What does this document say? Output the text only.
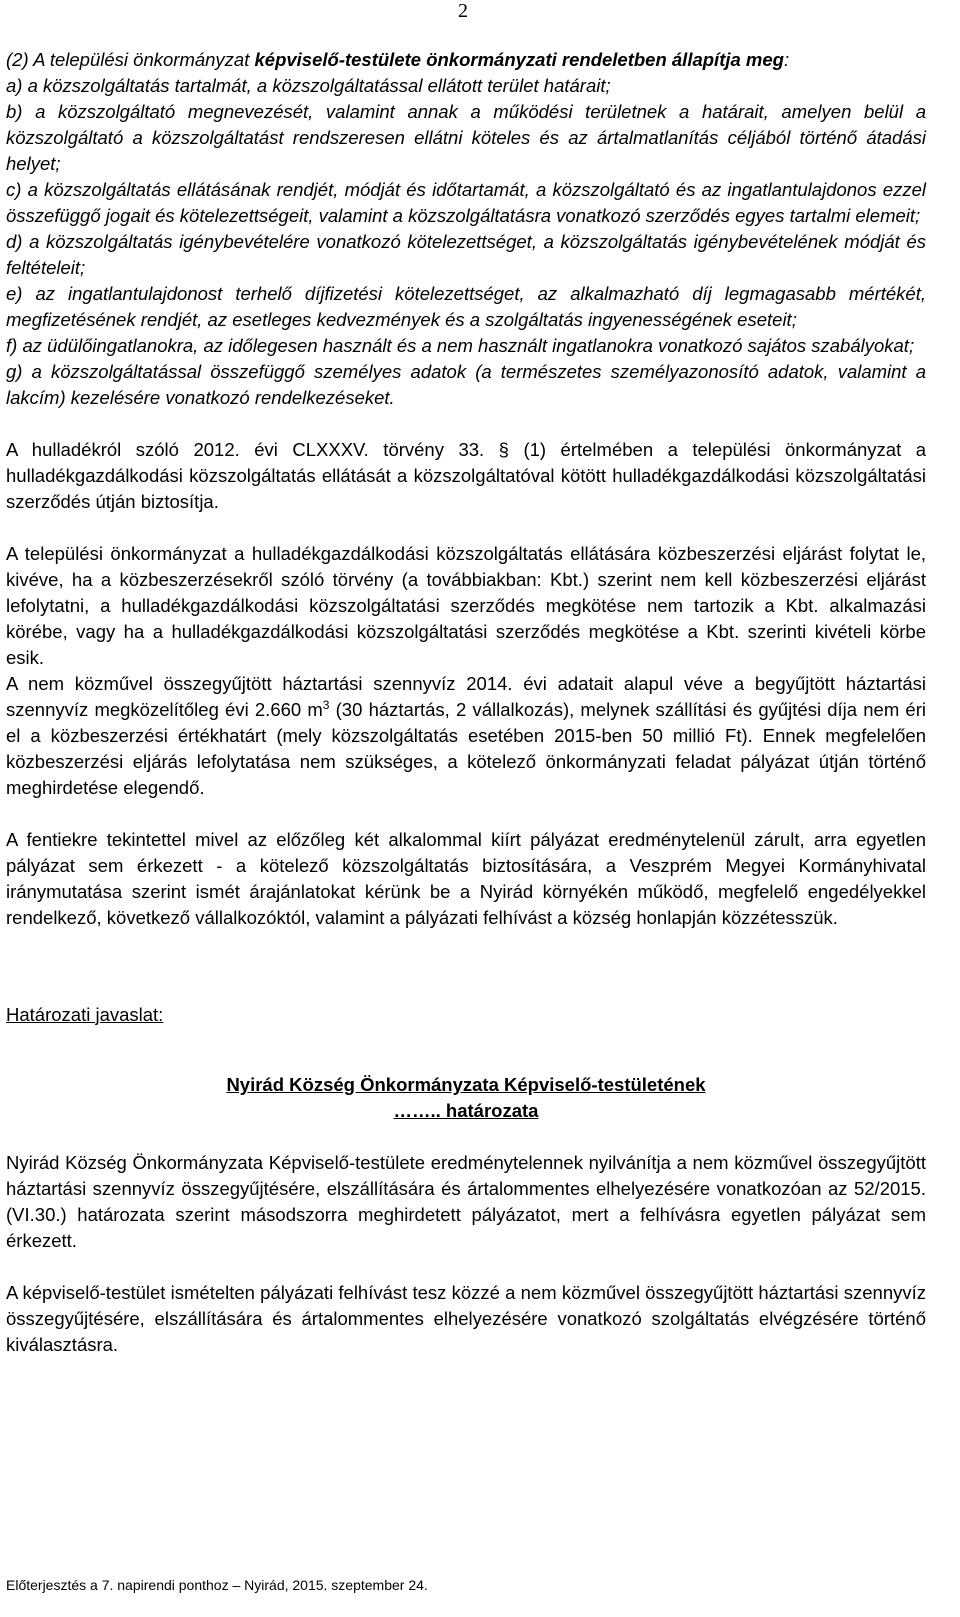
2
(2) A települési önkormányzat képviselő-testülete önkormányzati rendeletben állapítja meg:
a) a közszolgáltatás tartalmát, a közszolgáltatással ellátott terület határait;
b) a közszolgáltató megnevezését, valamint annak a működési területnek a határait, amelyen belül a közszolgáltató a közszolgáltatást rendszeresen ellátni köteles és az ártalmatlanítás céljából történő átadási helyet;
c) a közszolgáltatás ellátásának rendjét, módját és időtartamát, a közszolgáltató és az ingatlantulajdonos ezzel összefüggő jogait és kötelezettségeit, valamint a közszolgáltatásra vonatkozó szerződés egyes tartalmi elemeit;
d) a közszolgáltatás igénybevételére vonatkozó kötelezettséget, a közszolgáltatás igénybevételének módját és feltételeit;
e) az ingatlantulajdonost terhelő díjfizetési kötelezettséget, az alkalmazható díj legmagasabb mértékét, megfizetésének rendjét, az esetleges kedvezmények és a szolgáltatás ingyenességének eseteit;
f) az üdülőingatlanokra, az időlegesen használt és a nem használt ingatlanokra vonatkozó sajátos szabályokat;
g) a közszolgáltatással összefüggő személyes adatok (a természetes személyazonosító adatok, valamint a lakcím) kezelésére vonatkozó rendelkezéseket.

A hulladékról szóló 2012. évi CLXXXV. törvény 33. § (1) értelmében a települési önkormányzat a hulladékgazdálkodási közszolgáltatás ellátását a közszolgáltatóval kötött hulladékgazdálkodási közszolgáltatási szerződés útján biztosítja.

A települési önkormányzat a hulladékgazdálkodási közszolgáltatás ellátására közbeszerzési eljárást folytat le, kivéve, ha a közbeszerzésekről szóló törvény (a továbbiakban: Kbt.) szerint nem kell közbeszerzési eljárást lefolytatni, a hulladékgazdálkodási közszolgáltatási szerződés megkötése nem tartozik a Kbt. alkalmazási körébe, vagy ha a hulladékgazdálkodási közszolgáltatási szerződés megkötése a Kbt. szerinti kivételi körbe esik.

A nem közművel összegyűjtött háztartási szennyvíz 2014. évi adatait alapul véve a begyűjtött háztartási szennyvíz megközelítőleg évi 2.660 $m^3$ (30 háztartás, 2 vállalkozás), melynek szállítási és gyűjtési díja nem éri el a közbeszerzési értékhatárt (mely közszolgáltatás esetében 2015-ben 50 millió Ft). Ennek megfelelően közbeszerzési eljárás lefolytatása nem szükséges, a kötelező önkormányzati feladat pályázat útján történő meghirdetése elegendő.

A fentiekre tekintettel mivel az előzőleg két alkalommal kiírt pályázat eredménytelenül zárult, arra egyetlen pályázat sem érkezett - a kötelező közszolgáltatás biztosítására, a Veszprém Megyei Kormányhivatal iránymutatása szerint ismét árajánlatokat kérünk be a Nyirád környékén működő, megfelelő engedélyekkel rendelkező, következő vállalkozóktól, valamint a pályázati felhívást a község honlapján közzétesszük.

Határozati javaslat:

Nyirád Község Önkormányzata Képviselő-testületének

…….. határozata

Nyirád Község Önkormányzata Képviselő-testülete eredménytelennek nyilvánítja a nem közművel összegyűjtött háztartási szennyvíz összegyűjtésére, elszállítására és ártalommentes elhelyezésére vonatkozóan az 52/2015. (VI.30.) határozata szerint másodszorra meghirdetett pályázatot, mert a felhívásra egyetlen pályázat sem érkezett.

A képviselő-testület ismételten pályázati felhívást tesz közzé a nem közművel összegyűjtött háztartási szennyvíz összegyűjtésére, elszállítására és ártalommentes elhelyezésére vonatkozó szolgáltatás elvégzésére történő kiválasztásra.

Előterjesztés a 7. napirendi ponthoz – Nyirád, 2015. szeptember 24.
